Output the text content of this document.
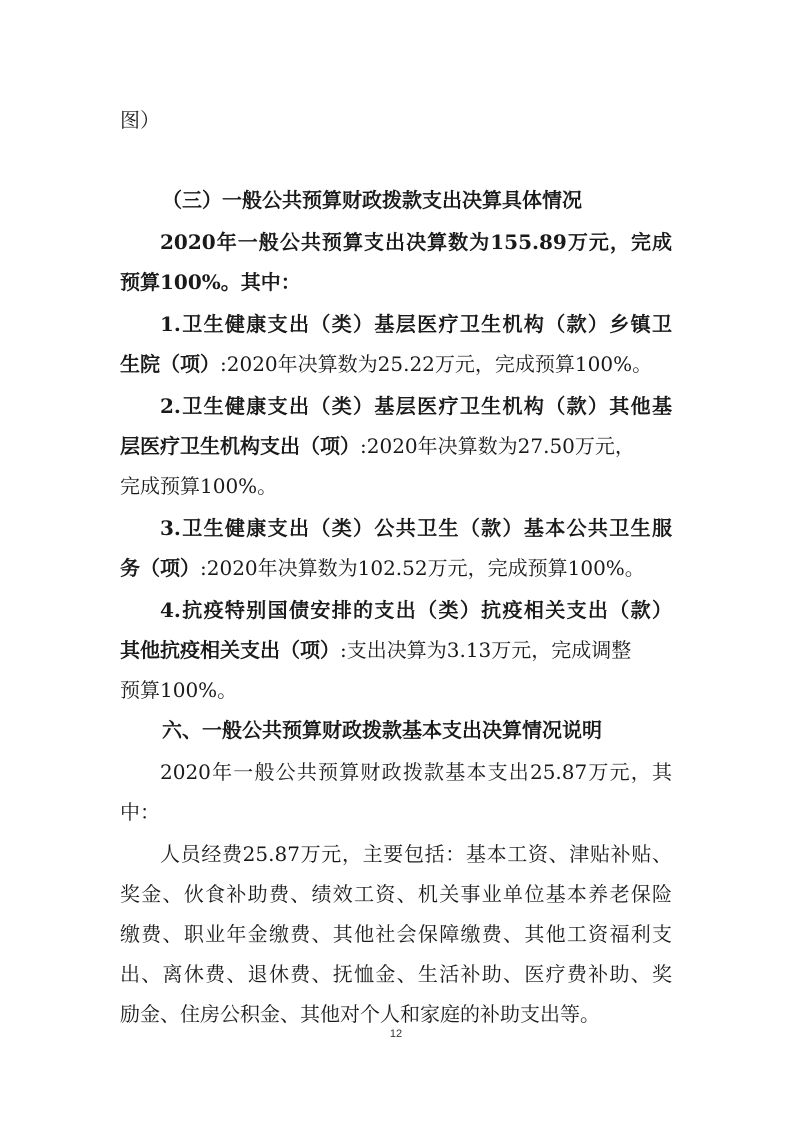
图）
（三）一般公共预算财政拨款支出决算具体情况
2020年一般公共预算支出决算数为155.89万元，完成
预算100%。其中：
1.卫生健康支出（类）基层医疗卫生机构（款）乡镇卫
生院（项）:2020年决算数为25.22万元，完成预算100%。
2.卫生健康支出（类）基层医疗卫生机构（款）其他基
层医疗卫生机构支出（项）:2020年决算数为27.50万元，
完成预算100%。
3.卫生健康支出（类）公共卫生（款）基本公共卫生服
务（项）:2020年决算数为102.52万元，完成预算100%。
4.抗疫特别国债安排的支出（类）抗疫相关支出（款）
其他抗疫相关支出（项）:支出决算为3.13万元，完成调整
预算100%。
六、一般公共预算财政拨款基本支出决算情况说明
2020年一般公共预算财政拨款基本支出25.87万元，其
中：
人员经费25.87万元，主要包括：基本工资、津贴补贴、
奖金、伙食补助费、绩效工资、机关事业单位基本养老保险
缴费、职业年金缴费、其他社会保障缴费、其他工资福利支
出、离休费、退休费、抚恤金、生活补助、医疗费补助、奖
励金、住房公积金、其他对个人和家庭的补助支出等。
12
